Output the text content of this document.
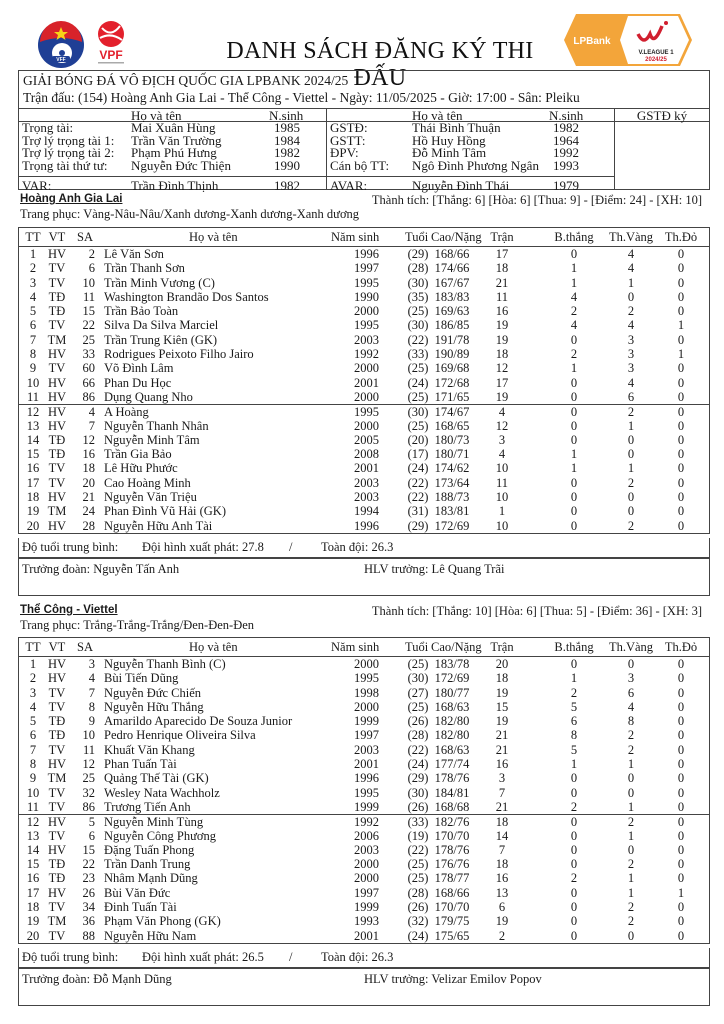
VFF	VPF	DANH SÁCH ĐĂNG KÝ THI ĐẤU
LPBank
V.LEAGUE 1
2024/25
GIẢI BÓNG ĐÁ VÔ ĐỊCH QUỐC GIA LPBANK 2024/25
Trận đấu: (154) Hoàng Anh Gia Lai - Thể Công - Viettel - Ngày: 11/05/2025 - Giờ: 17:00 - Sân: Pleiku
Họ và tên	N.sinh
Trọng tài:	Mai Xuân Hùng	1985
Trợ lý trọng tài 1: Trần Văn Trường	1984
Trợ lý trọng tài 2: Phạm Phú Hưng	1982
Trọng tài thứ tư: Nguyễn Đức Thiện	1990
VAR:	Trần Đình Thịnh	1982
Họ và tên	N.sinh
GSTĐ:	Thái Bình Thuận	1982
GSTT:	Hồ Huy Hồng	1964
ĐPV:	Đỗ Minh Tâm	1992
Cán bộ TT: Ngô Đình Phương Ngân 1993
AVAR:	Nguyễn Đình Thái	1979
GSTĐ ký
Hoàng Anh Gia Lai	Thành tích: [Thắng: 6] [Hòa: 6] [Thua: 9] - [Điểm: 24] - [XH: 10]
Trang phục: Vàng-Nâu-Nâu/Xanh dương-Xanh dương-Xanh dương
TT VT SA	Họ và tên	Năm sinh Tuổi Cao/Nặng Trận	B.thắng	Th.Vàng Th.Đỏ
1 HV	2 Lê Văn Sơn	1996 (29) 168/66	17	0	4	0
2	TV	6 Trần Thanh Sơn	1997 (28) 174/66	18	1	4	0
3	TV	10 Trần Minh Vương (C)	1995 (30) 167/67	21	1	1	0
4	TĐ	11 Washington Brandão Dos Santos	1990 (35) 183/83	11	4	0	0
5	TĐ	15 Trần Bảo Toàn	2000 (25) 169/63	16	2	2	0
6	TV	22 Silva Da Silva Marciel	1995 (30) 186/85	19	4	4	1
7 TM	25 Trần Trung Kiên (GK)	2003 (22) 191/78	19	0	3	0
8 HV	33 Rodrigues Peixoto Filho Jairo	1992 (33) 190/89	18	2	3	1
9	TV	60 Võ Đình Lâm	2000 (25) 169/68	12	1	3	0
10 HV	66 Phan Du Học	2001 (24) 172/68	17	0	4	0
11 HV	86 Dụng Quang Nho	2000 (25) 171/65	19	0	6	0
12 HV	4 A Hoàng	1995 (30) 174/67	4	0	2	0
13 HV	7 Nguyễn Thanh Nhân	2000 (25) 168/65	12	0	1	0
14 TĐ	12 Nguyễn Minh Tâm	2005 (20) 180/73	3	0	0	0
15 TĐ	16 Trần Gia Bảo	2008 (17) 180/71	4	1	0	0
16 TV	18 Lê Hữu Phước	2001 (24) 174/62	10	1	1	0
17 TV	20 Cao Hoàng Minh	2003 (22) 173/64	11	0	2	0
18 HV	21 Nguyễn Văn Triệu	2003 (22) 188/73	10	0	0	0
19 TM	24 Phan Đình Vũ Hải (GK)	1994 (31) 183/81	1	0	0	0
20 HV	28 Nguyễn Hữu Anh Tài	1996 (29) 172/69	10	0	2	0
Độ tuổi trung bình: Đội hình xuất phát: 27.8 / Toàn đội: 26.3
Trưởng đoàn: Nguyễn Tấn Anh	HLV trưởng: Lê Quang Trãi
Thể Công - Viettel	Thành tích: [Thắng: 10] [Hòa: 6] [Thua: 5] - [Điểm: 36] - [XH: 3]
Trang phục: Trắng-Trắng-Trắng/Đen-Đen-Đen
TT VT SA	Họ và tên	Năm sinh Tuổi Cao/Nặng Trận	B.thắng	Th.Vàng Th.Đỏ
1 HV	3 Nguyễn Thanh Bình (C)	2000 (25) 183/78	20	0	0	0
2 HV	4 Bùi Tiến Dũng	1995 (30) 172/69	18	1	3	0
3	TV	7 Nguyễn Đức Chiến	1998 (27) 180/77	19	2	6	0
4	TV	8 Nguyễn Hữu Thắng	2000 (25) 168/63	15	5	4	0
5	TĐ	9 Amarildo Aparecido De Souza Junior	1999 (26) 182/80	19	6	8	0
6	TĐ	10 Pedro Henrique Oliveira Silva	1997 (28) 182/80	21	8	2	0
7	TV	11 Khuất Văn Khang	2003 (22) 168/63	21	5	2	0
8 HV	12 Phan Tuấn Tài	2001 (24) 177/74	16	1	1	0
9 TM	25 Quảng Thế Tài (GK)	1996 (29) 178/76	3	0	0	0
10 TV	32 Wesley Nata Wachholz	1995 (30) 184/81	7	0	0	0
11 TV	86 Trương Tiến Anh	1999 (26) 168/68	21	2	1	0
12 HV	5 Nguyễn Minh Tùng	1992 (33) 182/76	18	0	2	0
13 TV	6 Nguyễn Công Phương	2006 (19) 170/70	14	0	1	0
14 HV	15 Đặng Tuấn Phong	2003 (22) 178/76	7	0	0	0
15 TĐ	22 Trần Danh Trung	2000 (25) 176/76	18	0	2	0
16 TĐ	23 Nhâm Mạnh Dũng	2000 (25) 178/77	16	2	1	0
17 HV	26 Bùi Văn Đức	1997 (28) 168/66	13	0	1	1
18 TV	34 Đinh Tuấn Tài	1999 (26) 170/70	6	0	2	0
19 TM	36 Phạm Văn Phong (GK)	1993 (32) 179/75	19	0	2	0
20 TV	88 Nguyễn Hữu Nam	2001 (24) 175/65	2	0	0	0
Độ tuổi trung bình: Đội hình xuất phát: 26.5 / Toàn đội: 26.3
Trưởng đoàn: Đỗ Mạnh Dũng	HLV trưởng: Velizar Emilov Popov
